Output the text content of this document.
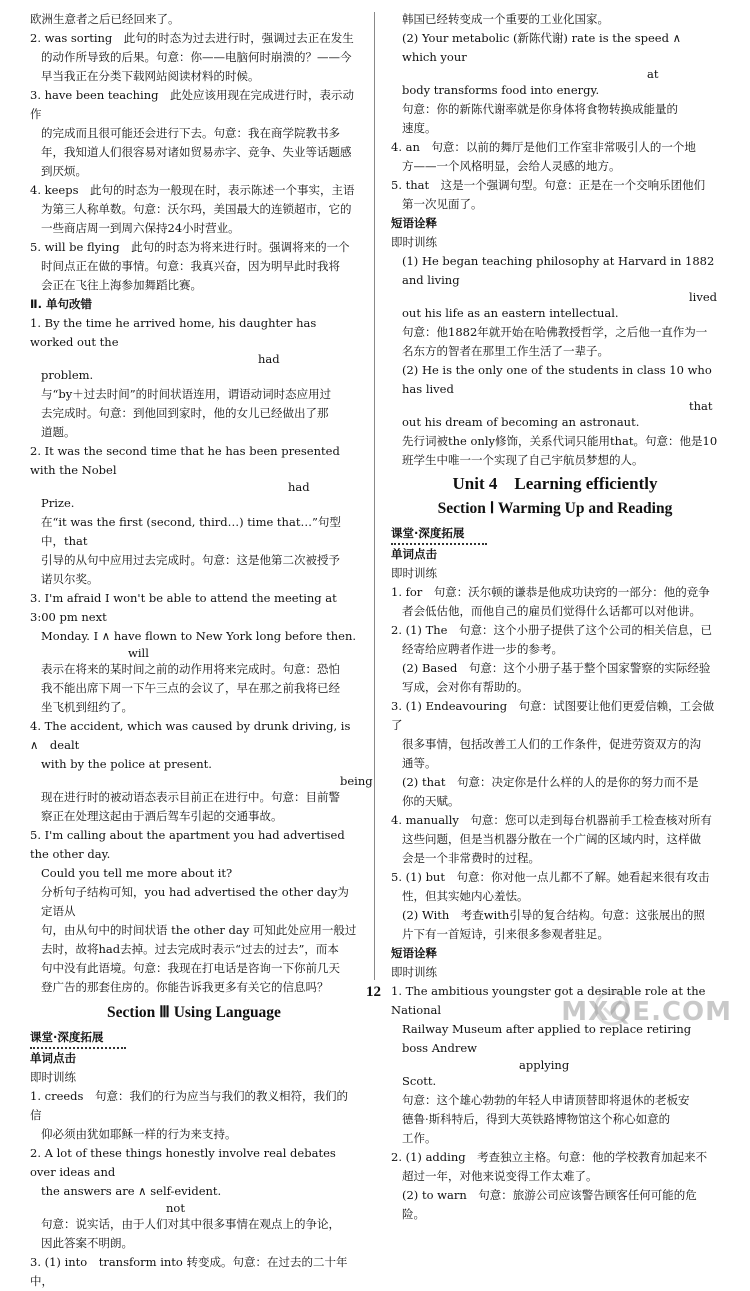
欧洲生意者之后已经回来了。

2. was sorting　此句的时态为过去进行时，强调过去正在发生

的动作所导致的后果。句意：你——电脑何时崩溃的？——今

早当我正在分类下载网站阅读材料的时候。

3. have been teaching　此处应该用现在完成进行时，表示动作

的完成而且很可能还会进行下去。句意：我在商学院教书多

年，我知道人们很容易对诸如贸易赤字、竞争、失业等话题感

到厌烦。

4. keeps　此句的时态为一般现在时，表示陈述一个事实，主语

为第三人称单数。句意：沃尔玛，美国最大的连锁超市，它的

一些商店周一到周六保持24小时营业。

5. will be flying　此句的时态为将来进行时。强调将来的一个

时间点正在做的事情。句意：我真兴奋，因为明早此时我将

会正在飞往上海参加舞蹈比赛。

Ⅱ. 单句改错

1. By the time he arrived home, his daughter has worked out the

had

problem.

与“by＋过去时间”的时间状语连用，谓语动词时态应用过

去完成时。句意：到他回到家时，他的女儿已经做出了那

道题。

2. It was the second time that he has been presented with the Nobel

had

Prize.

在“it was the first (second, third…) time that…”句型中，that

引导的从句中应用过去完成时。句意：这是他第二次被授予

诺贝尔奖。

3. I'm afraid I won't be able to attend the meeting at 3:00 pm next

Monday. I ∧ have flown to New York long before then.

will

表示在将来的某时间之前的动作用将来完成时。句意：恐怕

我不能出席下周一下午三点的会议了，早在那之前我将已经

坐飞机到纽约了。

4. The accident, which was caused by drunk driving, is　∧　dealt

with by the police at present.

being

现在进行时的被动语态表示目前正在进行中。句意：目前警

察正在处理这起由于酒后驾车引起的交通事故。

5. I'm calling about the apartment you had advertised the other day.

Could you tell me more about it?

分析句子结构可知，you had advertised the other day为定语从

句，由从句中的时间状语 the other day 可知此处应用一般过

去时，故将had去掉。过去完成时表示“过去的过去”，而本

句中没有此语境。句意：我现在打电话是咨询一下你前几天

登广告的那套住房的。你能告诉我更多有关它的信息吗？

Section Ⅲ Using Language

课堂·深度拓展

单词点击

即时训练

1. creeds　句意：我们的行为应当与我们的教义相符，我们的信

仰必须由犹如耶稣一样的行为来支持。

2. A lot of these things honestly involve real debates over ideas and

the answers are ∧ self-evident.

not

句意：说实话，由于人们对其中很多事情在观点上的争论，

因此答案不明朗。

3. (1) into　transform into 转变成。句意：在过去的二十年中，

韩国已经转变成一个重要的工业化国家。

(2) Your metabolic (新陈代谢) rate is the speed ∧ which your

at

body transforms food into energy.

句意：你的新陈代谢率就是你身体将食物转换成能量的

速度。

4. an　句意：以前的舞厅是他们工作室非常吸引人的一个地

方——一个风格明显，会给人灵感的地方。

5. that　这是一个强调句型。句意：正是在一个交响乐团他们

第一次见面了。

短语诠释

即时训练

(1) He began teaching philosophy at Harvard in 1882 and living

lived

out his life as an eastern intellectual.

句意：他1882年就开始在哈佛教授哲学，之后他一直作为一

名东方的智者在那里工作生活了一辈子。

(2) He is the only one of the students in class 10 who has lived

that

out his dream of becoming an astronaut.

先行词被the only修饰，关系代词只能用that。句意：他是10

班学生中唯一一个实现了自己宇航员梦想的人。

Unit 4　Learning efficiently

Section Ⅰ Warming Up and Reading

课堂·深度拓展

单词点击

即时训练

1. for　句意：沃尔顿的谦恭是他成功诀窍的一部分：他的竞争

者会低估他，而他自己的雇员们觉得什么话都可以对他讲。

2. (1) The　句意：这个小册子提供了这个公司的相关信息，已

经寄给应聘者作进一步的参考。

(2) Based　句意：这个小册子基于整个国家警察的实际经验

写成，会对你有帮助的。

3. (1) Endeavouring　句意：试图要让他们更爱信赖，工会做了

很多事情，包括改善工人们的工作条件，促进劳资双方的沟

通等。

(2) that　句意：决定你是什么样的人的是你的努力而不是

你的天赋。

4. manually　句意：您可以走到每台机器前手工检查核对所有

这些问题，但是当机器分散在一个广阔的区域内时，这样做

会是一个非常费时的过程。

5. (1) but　句意：你对他一点儿都不了解。她看起来很有攻击

性，但其实她内心羞怯。

(2) With　考查with引导的复合结构。句意：这张展出的照

片下有一首短诗，引来很多参观者驻足。

短语诠释

即时训练

1. The ambitious youngster got a desirable role at the National

Railway Museum after applied to replace retiring boss Andrew

applying

Scott.

句意：这个雄心勃勃的年轻人申请顶替即将退休的老板安

德鲁·斯科特后，得到大英铁路博物馆这个称心如意的

工作。

2. (1) adding　考查独立主格。句意：他的学校教育加起来不

超过一年，对他来说变得工作太难了。

(2) to warn　句意：旅游公司应该警告顾客任何可能的危险。

12
MXQE.COM
